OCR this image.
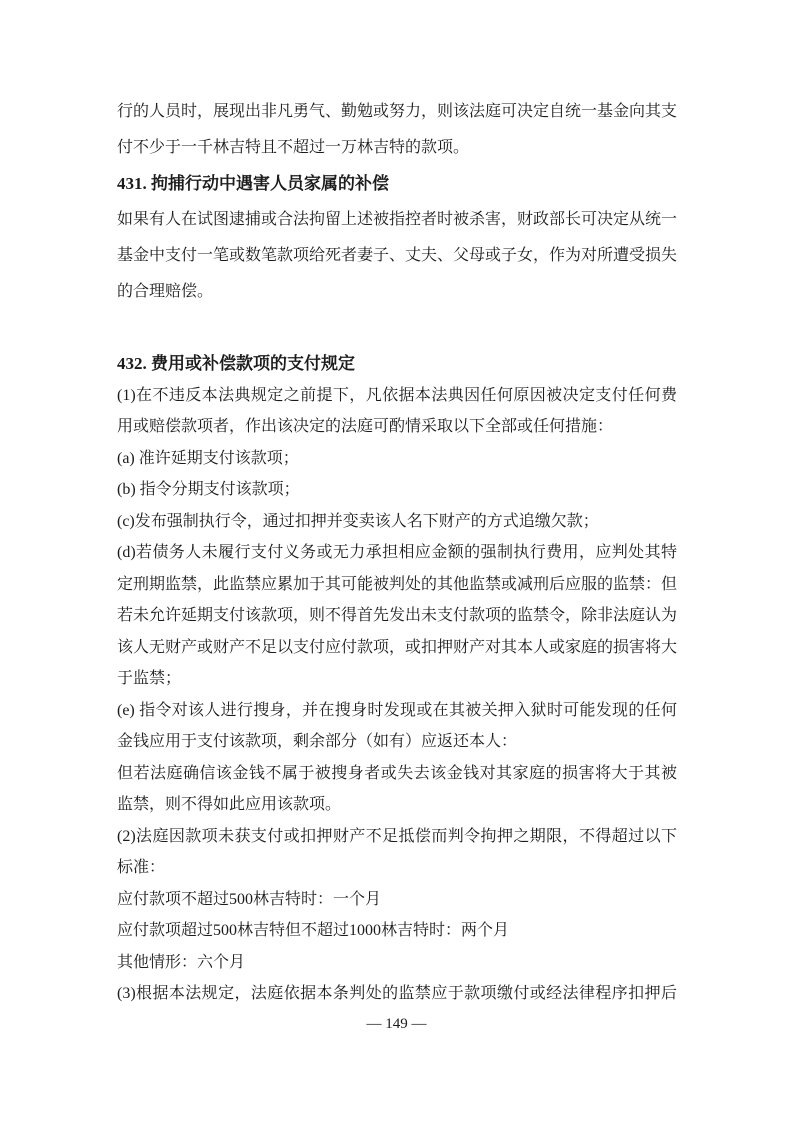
行的人员时，展现出非凡勇气、勤勉或努力，则该法庭可决定自统一基金向其支
付不少于一千林吉特且不超过一万林吉特的款项。
431. 拘捕行动中遇害人员家属的补偿
如果有人在试图逮捕或合法拘留上述被指控者时被杀害，财政部长可决定从统一
基金中支付一笔或数笔款项给死者妻子、丈夫、父母或子女，作为对所遭受损失
的合理赔偿。
432. 费用或补偿款项的支付规定
(1)在不违反本法典规定之前提下，凡依据本法典因任何原因被决定支付任何费
用或赔偿款项者，作出该决定的法庭可酌情采取以下全部或任何措施：
(a) 准许延期支付该款项；
(b) 指令分期支付该款项；
(c)发布强制执行令，通过扣押并变卖该人名下财产的方式追缴欠款；
(d)若债务人未履行支付义务或无力承担相应金额的强制执行费用，应判处其特
定刑期监禁，此监禁应累加于其可能被判处的其他监禁或减刑后应服的监禁：但
若未允许延期支付该款项，则不得首先发出未支付款项的监禁令，除非法庭认为
该人无财产或财产不足以支付应付款项，或扣押财产对其本人或家庭的损害将大
于监禁；
(e) 指令对该人进行搜身，并在搜身时发现或在其被关押入狱时可能发现的任何
金钱应用于支付该款项，剩余部分（如有）应返还本人：
但若法庭确信该金钱不属于被搜身者或失去该金钱对其家庭的损害将大于其被
监禁，则不得如此应用该款项。
(2)法庭因款项未获支付或扣押财产不足抵偿而判令拘押之期限，不得超过以下
标准：
应付款项不超过500林吉特时：一个月
应付款项超过500林吉特但不超过1000林吉特时：两个月
其他情形：六个月
(3)根据本法规定，法庭依据本条判处的监禁应于款项缴付或经法律程序扣押后
— 149 —
